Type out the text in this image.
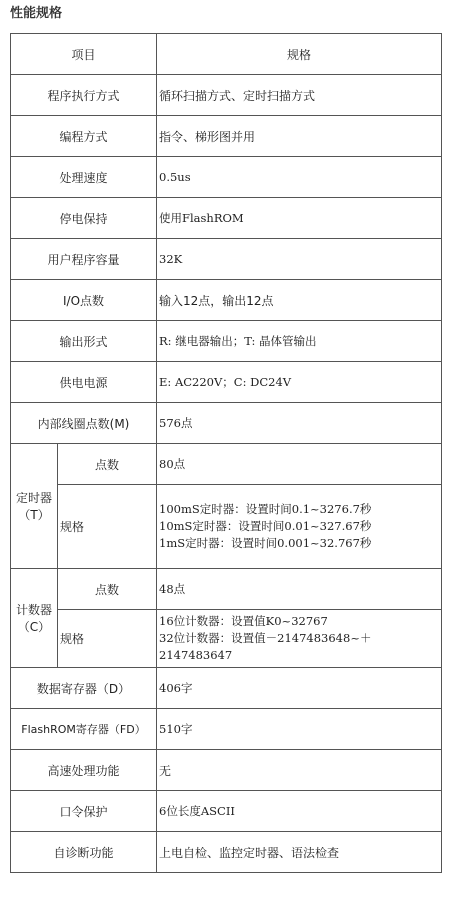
性能规格
项目		规格
程序执行方式		循环扫描方式、定时扫描方式
编程方式		指令、梯形图并用
处理速度		0.5us
停电保持		使用FlashROM
用户程序容量		32K
I/O点数		输入12点，输出12点
输出形式		R: 继电器输出；T: 晶体管输出
供电电源		E: AC220V；C: DC24V
内部线圈点数(M)		576点
定时器（T）	点数	80点
	规格	100mS定时器：设置时间0.1~3276.7秒
10mS定时器：设置时间0.01~327.67秒
1mS定时器：设置时间0.001~32.767秒

计数器（C）	点数	48点
	规格	16位计数器：设置值K0~32767
32位计数器：设置值－2147483648~＋2147483647

数据寄存器（D）		406字
FlashROM寄存器（FD）		510字
高速处理功能		无
口令保护		6位长度ASCII
自诊断功能		上电自检、监控定时器、语法检查
